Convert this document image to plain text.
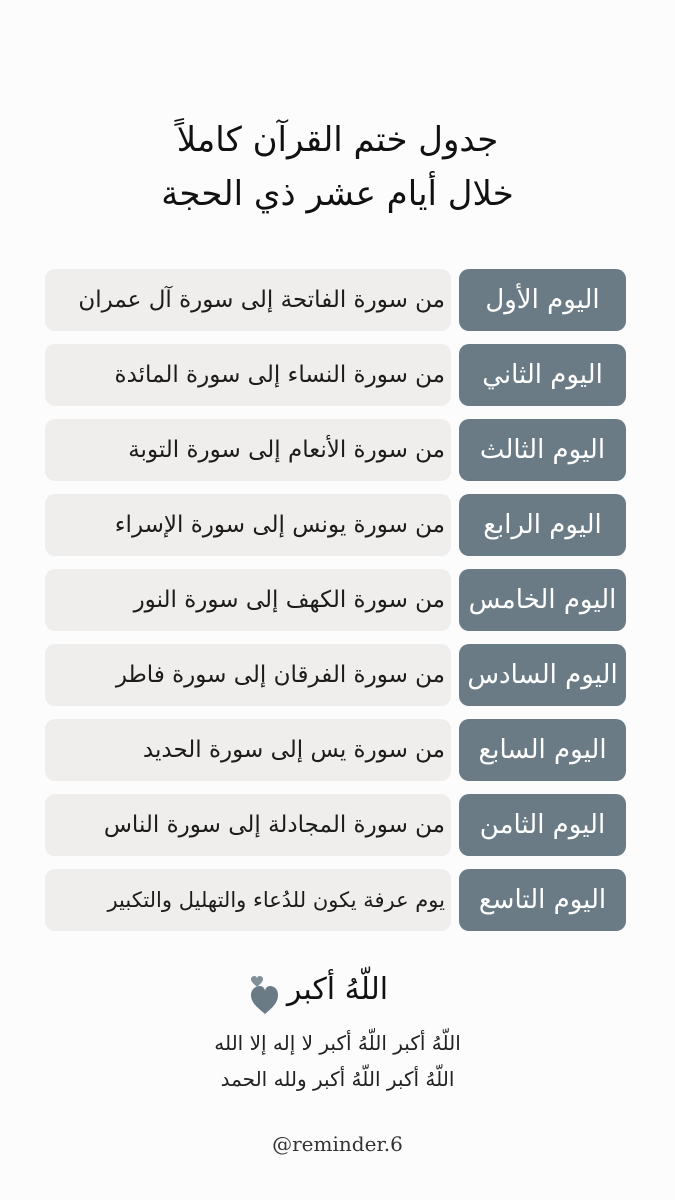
جدول ختم القرآن كاملاً
خلال أيام عشر ذي الحجة
من سورة الفاتحة إلى سورة آل عمران	اليوم الأول
من سورة النساء إلى سورة المائدة	اليوم الثاني
من سورة الأنعام إلى سورة التوبة	اليوم الثالث
من سورة يونس إلى سورة الإسراء	اليوم الرابع
من سورة الكهف إلى سورة النور اليوم الخامس
من سورة الفرقان إلى سورة فاطر اليوم السادس
من سورة يس إلى سورة الحديد	اليوم السابع
من سورة المجادلة إلى سورة الناس	اليوم الثامن
يوم عرفة يكون للدُعاء والتهليل والتكبير	اليوم التاسع
اللّهُ أكبر
اللّهُ أكبر اللّهُ أكبر لا إله إلا الله
اللّهُ أكبر اللّهُ أكبر ولله الحمد
@reminder.6
